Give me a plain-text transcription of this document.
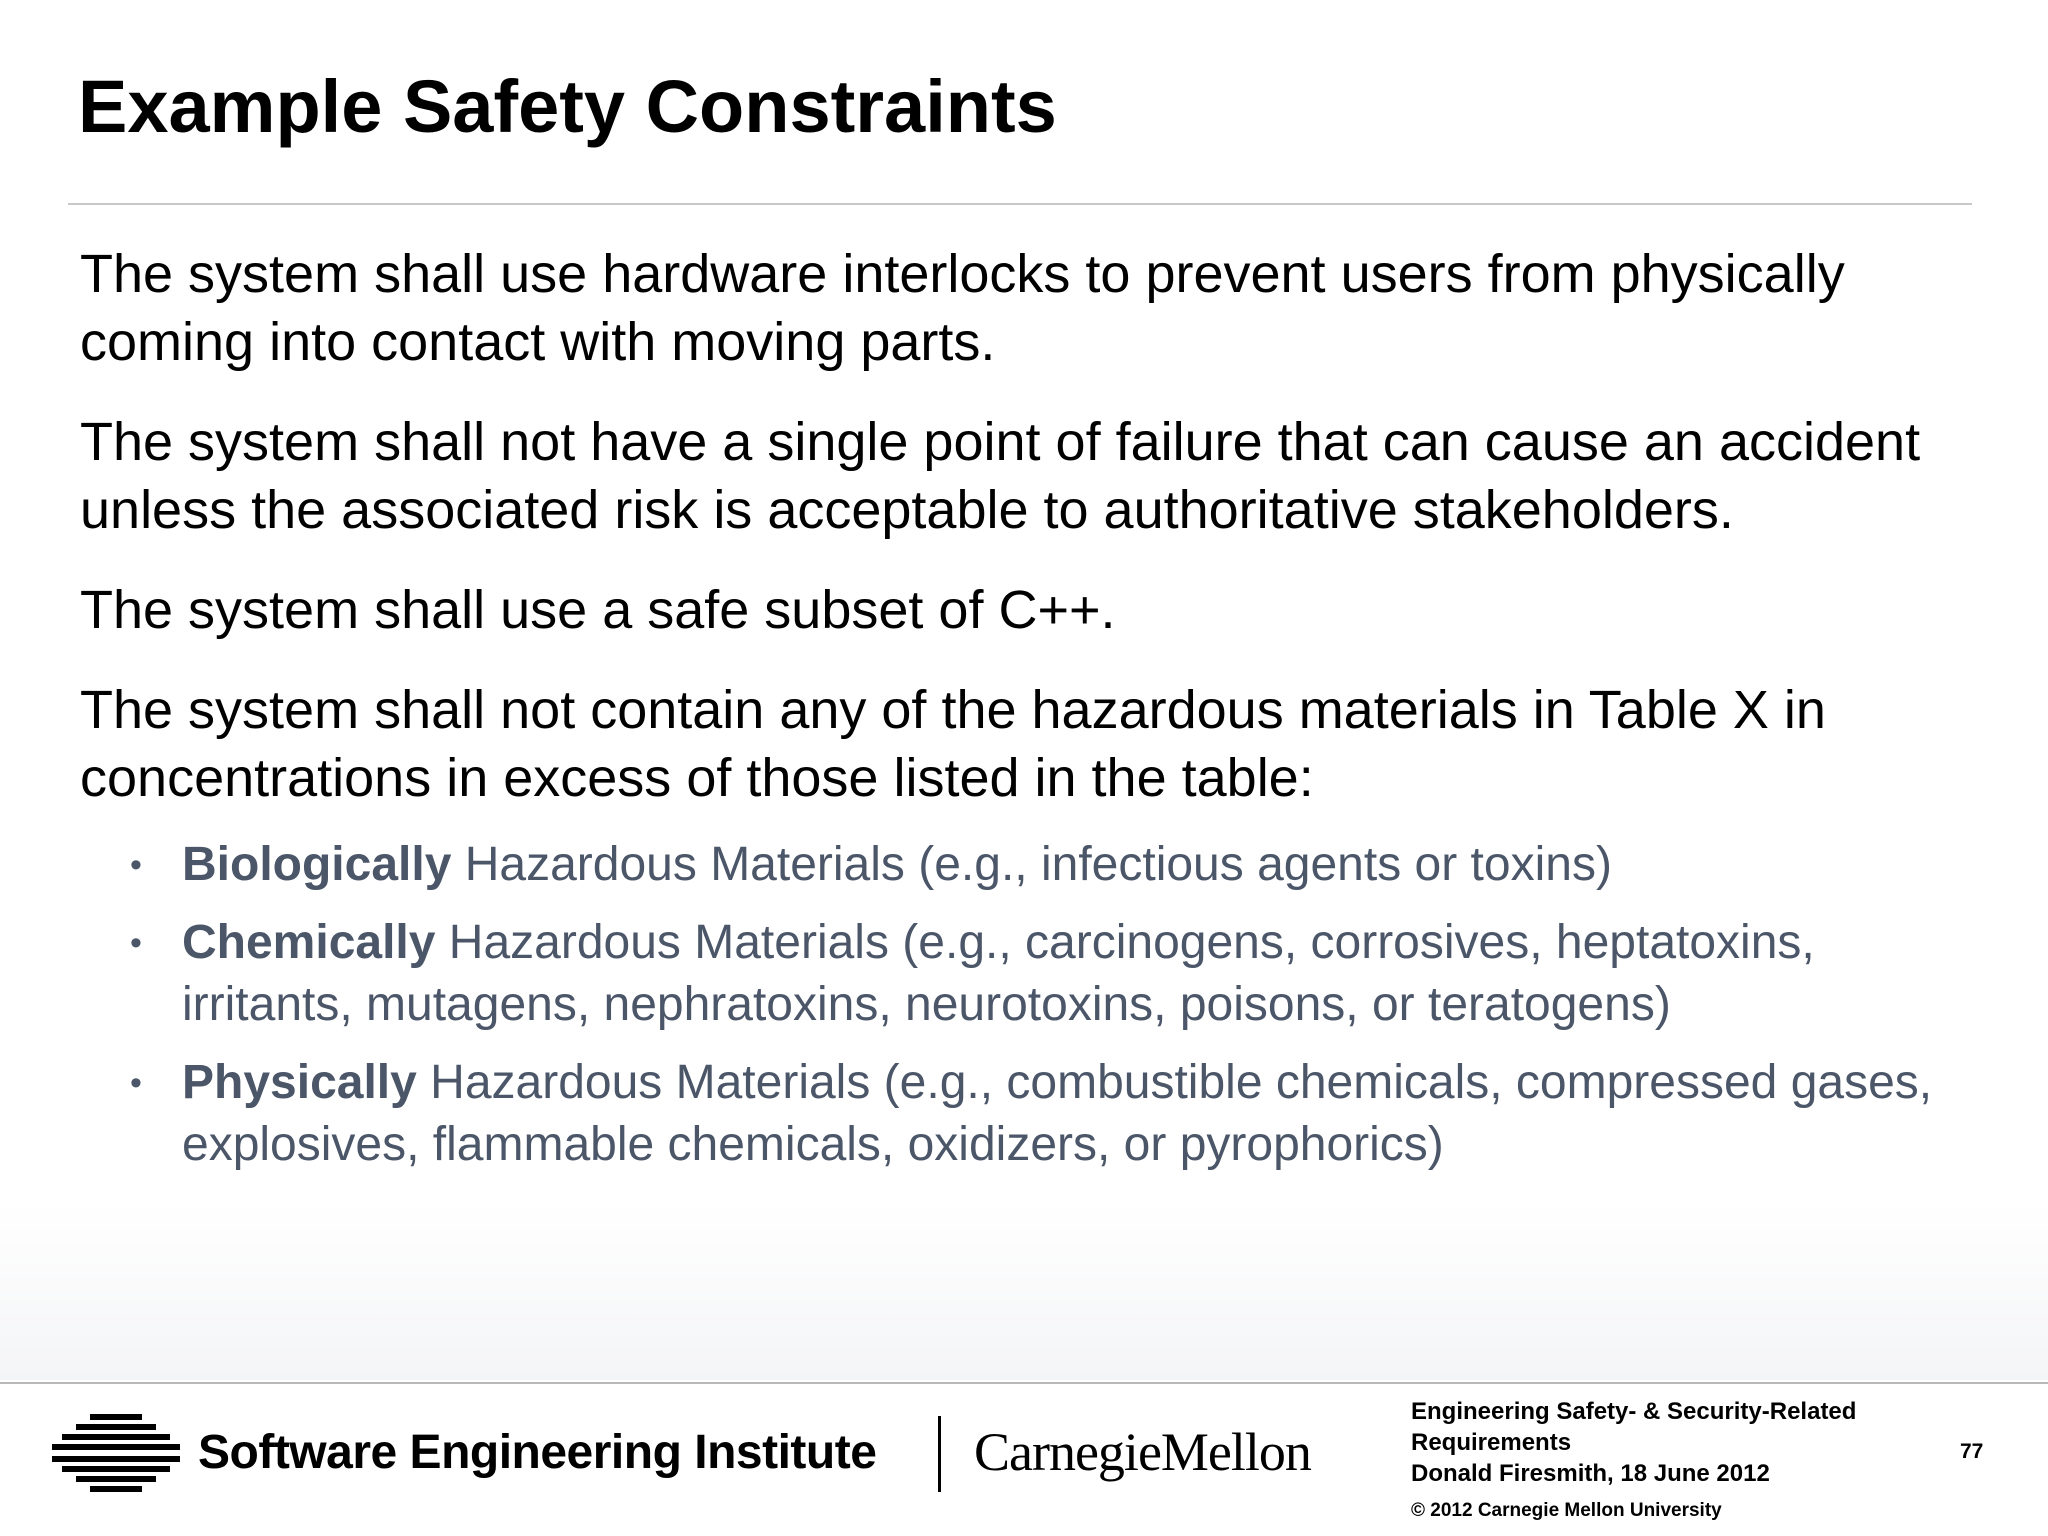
Example Safety Constraints

The system shall use hardware interlocks to prevent users from physically coming into contact with moving parts.

The system shall not have a single point of failure that can cause an accident unless the associated risk is acceptable to authoritative stakeholders.

The system shall use a safe subset of C++.

The system shall not contain any of the hazardous materials in Table X in concentrations in excess of those listed in the table:

• Biologically Hazardous Materials (e.g., infectious agents or toxins)
• Chemically Hazardous Materials (e.g., carcinogens, corrosives, heptatoxins, irritants, mutagens, nephratoxins, neurotoxins, poisons, or teratogens)
• Physically Hazardous Materials (e.g., combustible chemicals, compressed gases, explosives, flammable chemicals, oxidizers, or pyrophorics)
Software Engineering Institute CarnegieMellon
Engineering Safety- & Security-Related Requirements
Donald Firesmith, 18 June 2012
© 2012 Carnegie Mellon University
77
